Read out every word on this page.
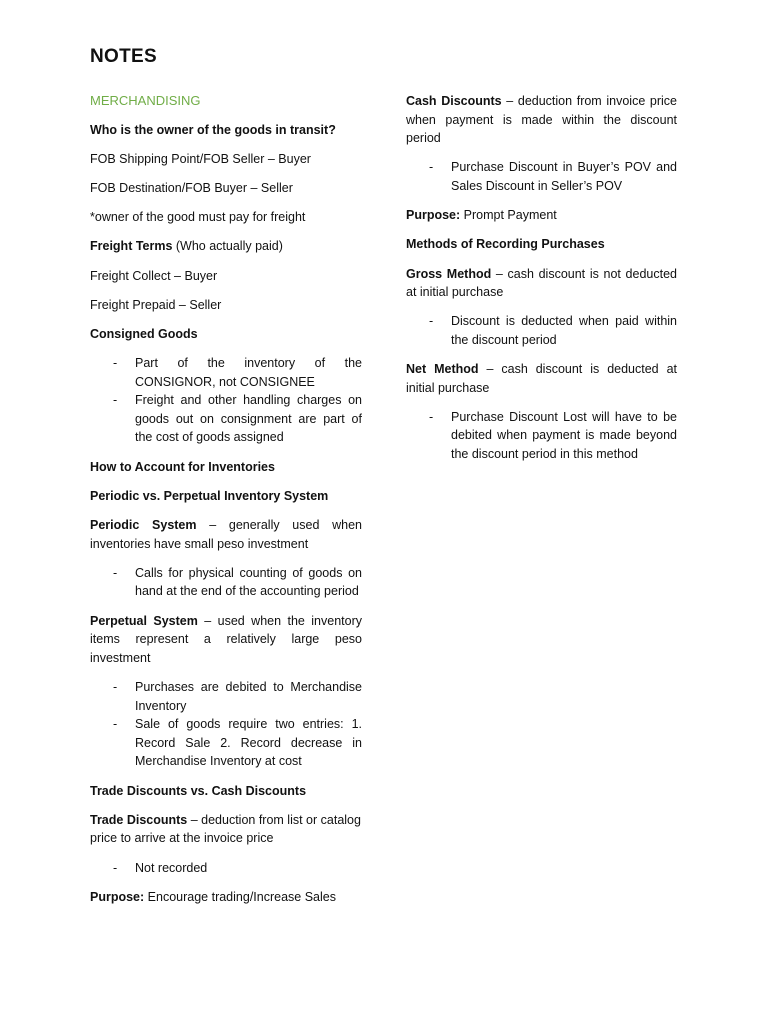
NOTES

MERCHANDISING

Who is the owner of the goods in transit?

FOB Shipping Point/FOB Seller – Buyer

FOB Destination/FOB Buyer – Seller

*owner of the good must pay for freight

Freight Terms (Who actually paid)

Freight Collect – Buyer

Freight Prepaid – Seller

Consigned Goods

- Part of the inventory of the CONSIGNOR, not CONSIGNEE
- Freight and other handling charges on goods out on consignment are part of the cost of goods assigned

How to Account for Inventories

Periodic vs. Perpetual Inventory System

Periodic System – generally used when inventories have small peso investment

- Calls for physical counting of goods on hand at the end of the accounting period

Perpetual System – used when the inventory items represent a relatively large peso investment

- Purchases are debited to Merchandise Inventory
- Sale of goods require two entries: 1. Record Sale 2. Record decrease in Merchandise Inventory at cost

Trade Discounts vs. Cash Discounts

Trade Discounts – deduction from list or catalog price to arrive at the invoice price

- Not recorded

Purpose: Encourage trading/Increase Sales

Cash Discounts – deduction from invoice price when payment is made within the discount period

- Purchase Discount in Buyer’s POV and Sales Discount in Seller’s POV

Purpose: Prompt Payment

Methods of Recording Purchases

Gross Method – cash discount is not deducted at initial purchase

- Discount is deducted when paid within the discount period

Net Method – cash discount is deducted at initial purchase

- Purchase Discount Lost will have to be debited when payment is made beyond the discount period in this method
